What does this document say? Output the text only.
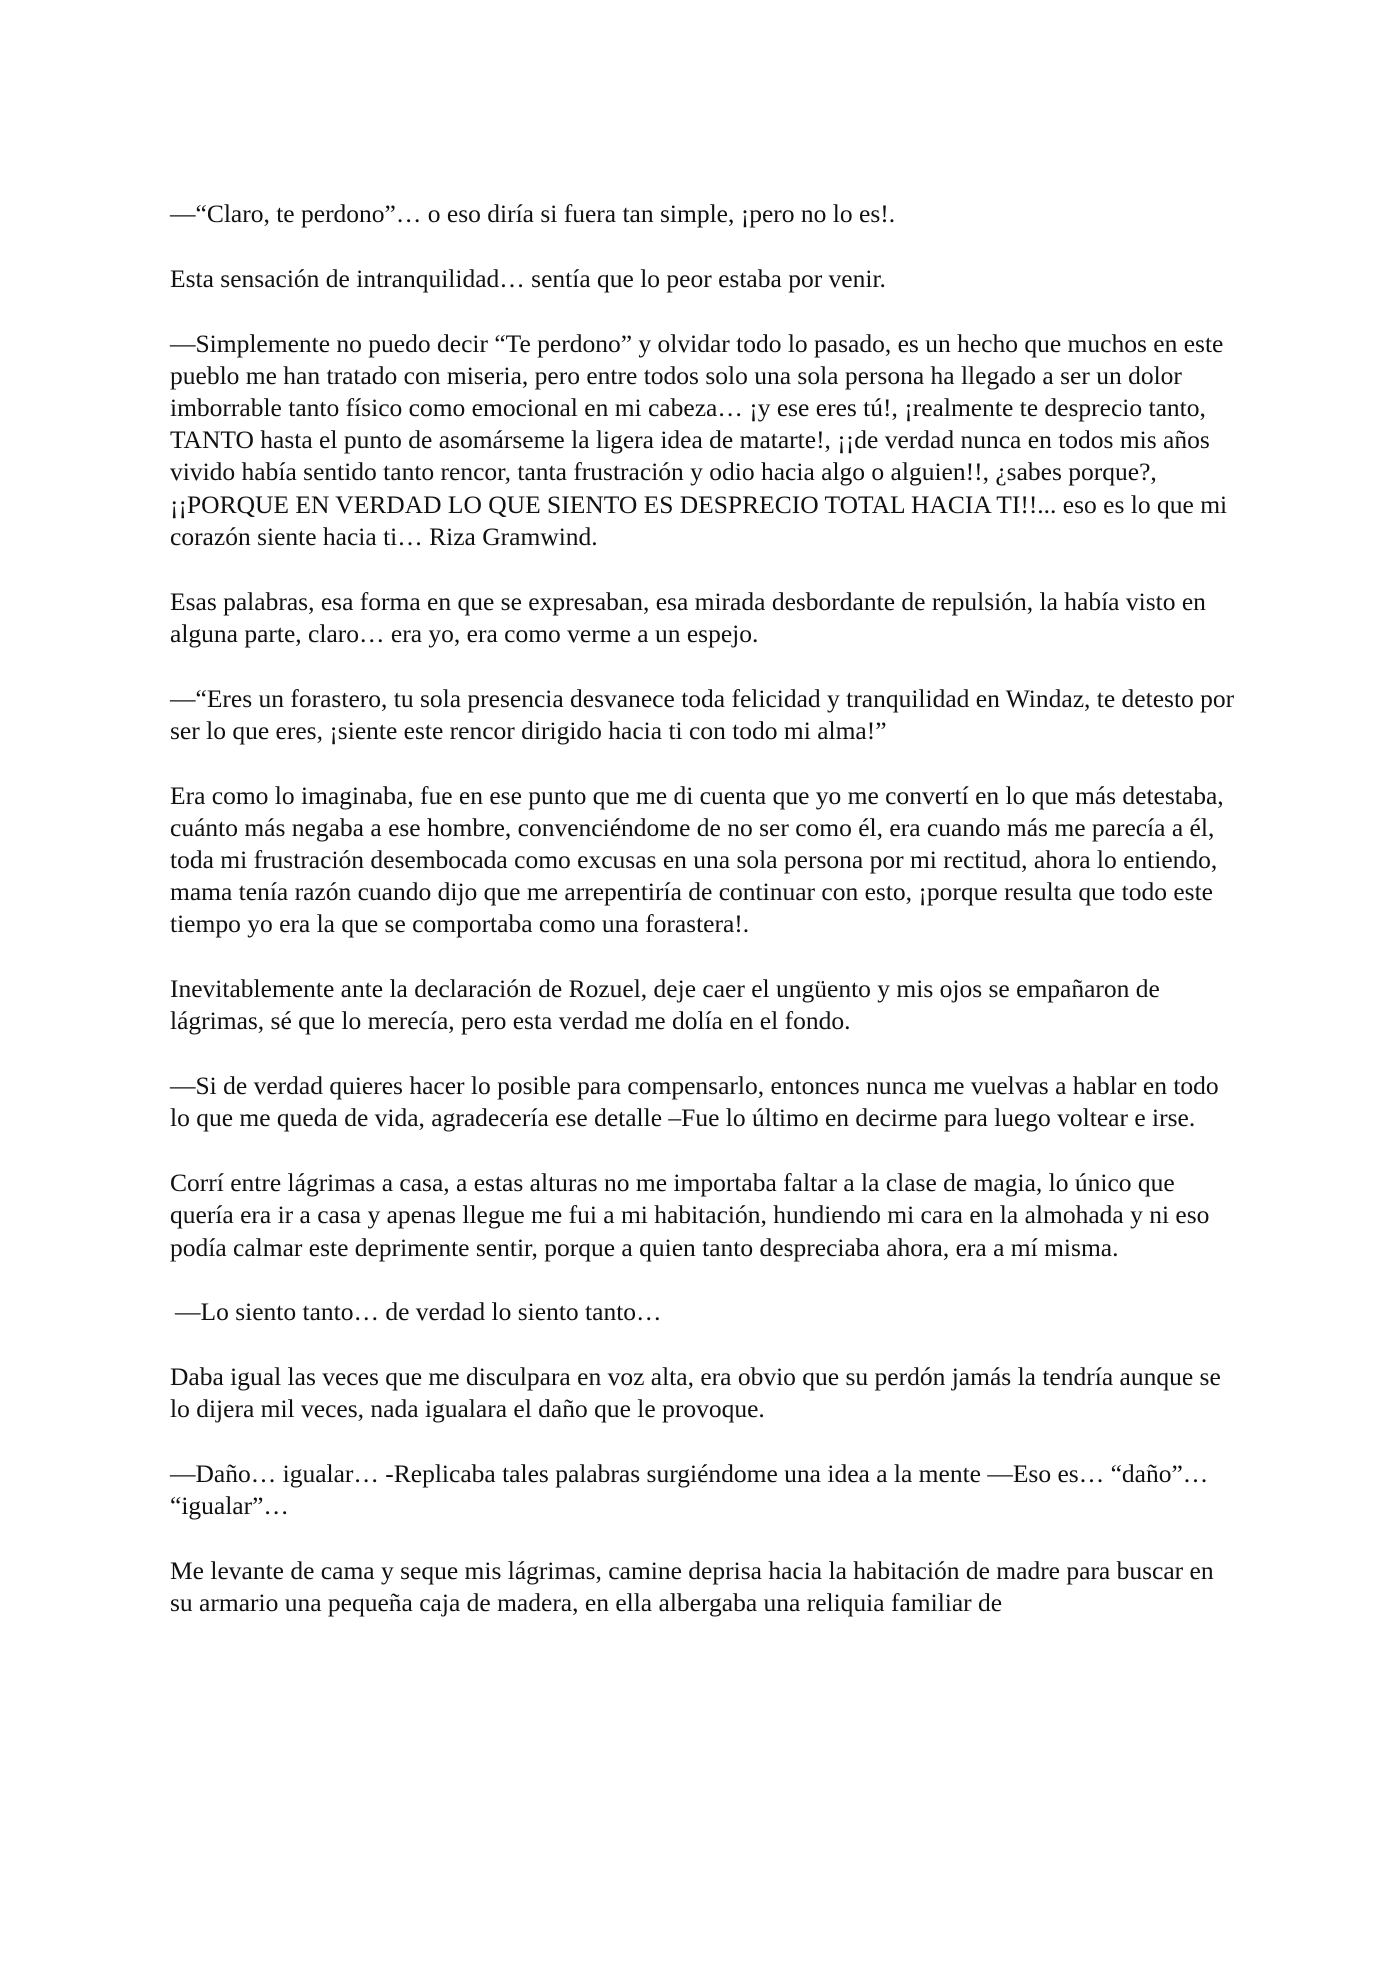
—“Claro, te perdono”… o eso diría si fuera tan simple, ¡pero no lo es!.

Esta sensación de intranquilidad… sentía que lo peor estaba por venir.

—Simplemente no puedo decir “Te perdono” y olvidar todo lo pasado, es un hecho que muchos en este pueblo me han tratado con miseria, pero entre todos solo una sola persona ha llegado a ser un dolor imborrable tanto físico como emocional en mi cabeza… ¡y ese eres tú!, ¡realmente te desprecio tanto, TANTO hasta el punto de asomárseme la ligera idea de matarte!, ¡¡de verdad nunca en todos mis años vivido había sentido tanto rencor, tanta frustración y odio hacia algo o alguien!!, ¿sabes porque?, ¡¡PORQUE EN VERDAD LO QUE SIENTO ES DESPRECIO TOTAL HACIA TI!!... eso es lo que mi corazón siente hacia ti… Riza Gramwind.

Esas palabras, esa forma en que se expresaban, esa mirada desbordante de repulsión, la había visto en alguna parte, claro… era yo, era como verme a un espejo.

—“Eres un forastero, tu sola presencia desvanece toda felicidad y tranquilidad en Windaz, te detesto por ser lo que eres, ¡siente este rencor dirigido hacia ti con todo mi alma!”

Era como lo imaginaba, fue en ese punto que me di cuenta que yo me convertí en lo que más detestaba, cuánto más negaba a ese hombre, convenciéndome de no ser como él, era cuando más me parecía a él, toda mi frustración desembocada como excusas en una sola persona por mi rectitud, ahora lo entiendo, mama tenía razón cuando dijo que me arrepentiría de continuar con esto, ¡porque resulta que todo este tiempo yo era la que se comportaba como una forastera!.

Inevitablemente ante la declaración de Rozuel, deje caer el ungüento y mis ojos se empañaron de lágrimas, sé que lo merecía, pero esta verdad me dolía en el fondo.

—Si de verdad quieres hacer lo posible para compensarlo, entonces nunca me vuelvas a hablar en todo lo que me queda de vida, agradecería ese detalle –Fue lo último en decirme para luego voltear e irse.

Corrí entre lágrimas a casa, a estas alturas no me importaba faltar a la clase de magia, lo único que quería era ir a casa y apenas llegue me fui a mi habitación, hundiendo mi cara en la almohada y ni eso podía calmar este deprimente sentir, porque a quien tanto despreciaba ahora, era a mí misma.

—Lo siento tanto… de verdad lo siento tanto…

Daba igual las veces que me disculpara en voz alta, era obvio que su perdón jamás la tendría aunque se lo dijera mil veces, nada igualara el daño que le provoque.

—Daño… igualar… -Replicaba tales palabras surgiéndome una idea a la mente —Eso es… “daño”… “igualar”…

Me levante de cama y seque mis lágrimas, camine deprisa hacia la habitación de madre para buscar en su armario una pequeña caja de madera, en ella albergaba una reliquia familiar de
